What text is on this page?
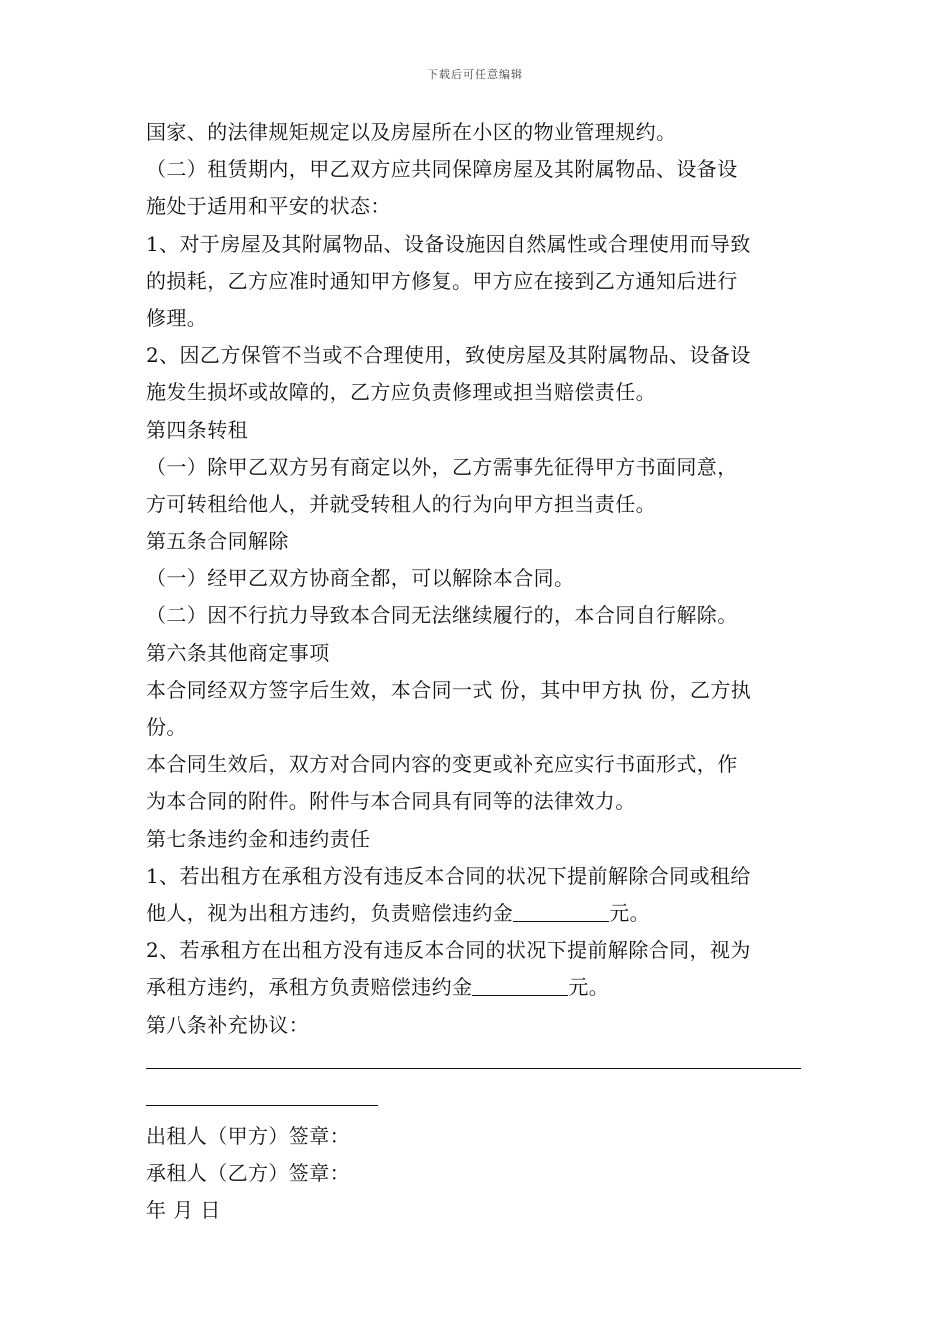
下载后可任意编辑
国家、的法律规矩规定以及房屋所在小区的物业管理规约。
（二）租赁期内，甲乙双方应共同保障房屋及其附属物品、设备设
施处于适用和平安的状态：
1、对于房屋及其附属物品、设备设施因自然属性或合理使用而导致
的损耗，乙方应准时通知甲方修复。甲方应在接到乙方通知后进行
修理。
2、因乙方保管不当或不合理使用，致使房屋及其附属物品、设备设
施发生损坏或故障的，乙方应负责修理或担当赔偿责任。
第四条转租
（一）除甲乙双方另有商定以外，乙方需事先征得甲方书面同意，
方可转租给他人，并就受转租人的行为向甲方担当责任。
第五条合同解除
（一）经甲乙双方协商全都，可以解除本合同。
（二）因不行抗力导致本合同无法继续履行的，本合同自行解除。
第六条其他商定事项
本合同经双方签字后生效，本合同一式 份，其中甲方执 份，乙方执
份。
本合同生效后，双方对合同内容的变更或补充应实行书面形式，作
为本合同的附件。附件与本合同具有同等的法律效力。
第七条违约金和违约责任
1、若出租方在承租方没有违反本合同的状况下提前解除合同或租给
他人，视为出租方违约，负责赔偿违约金	元。
2、若承租方在出租方没有违反本合同的状况下提前解除合同，视为
承租方违约，承租方负责赔偿违约金	元。
第八条补充协议：
出租人（甲方）签章：
承租人（乙方）签章：
年 月 日
